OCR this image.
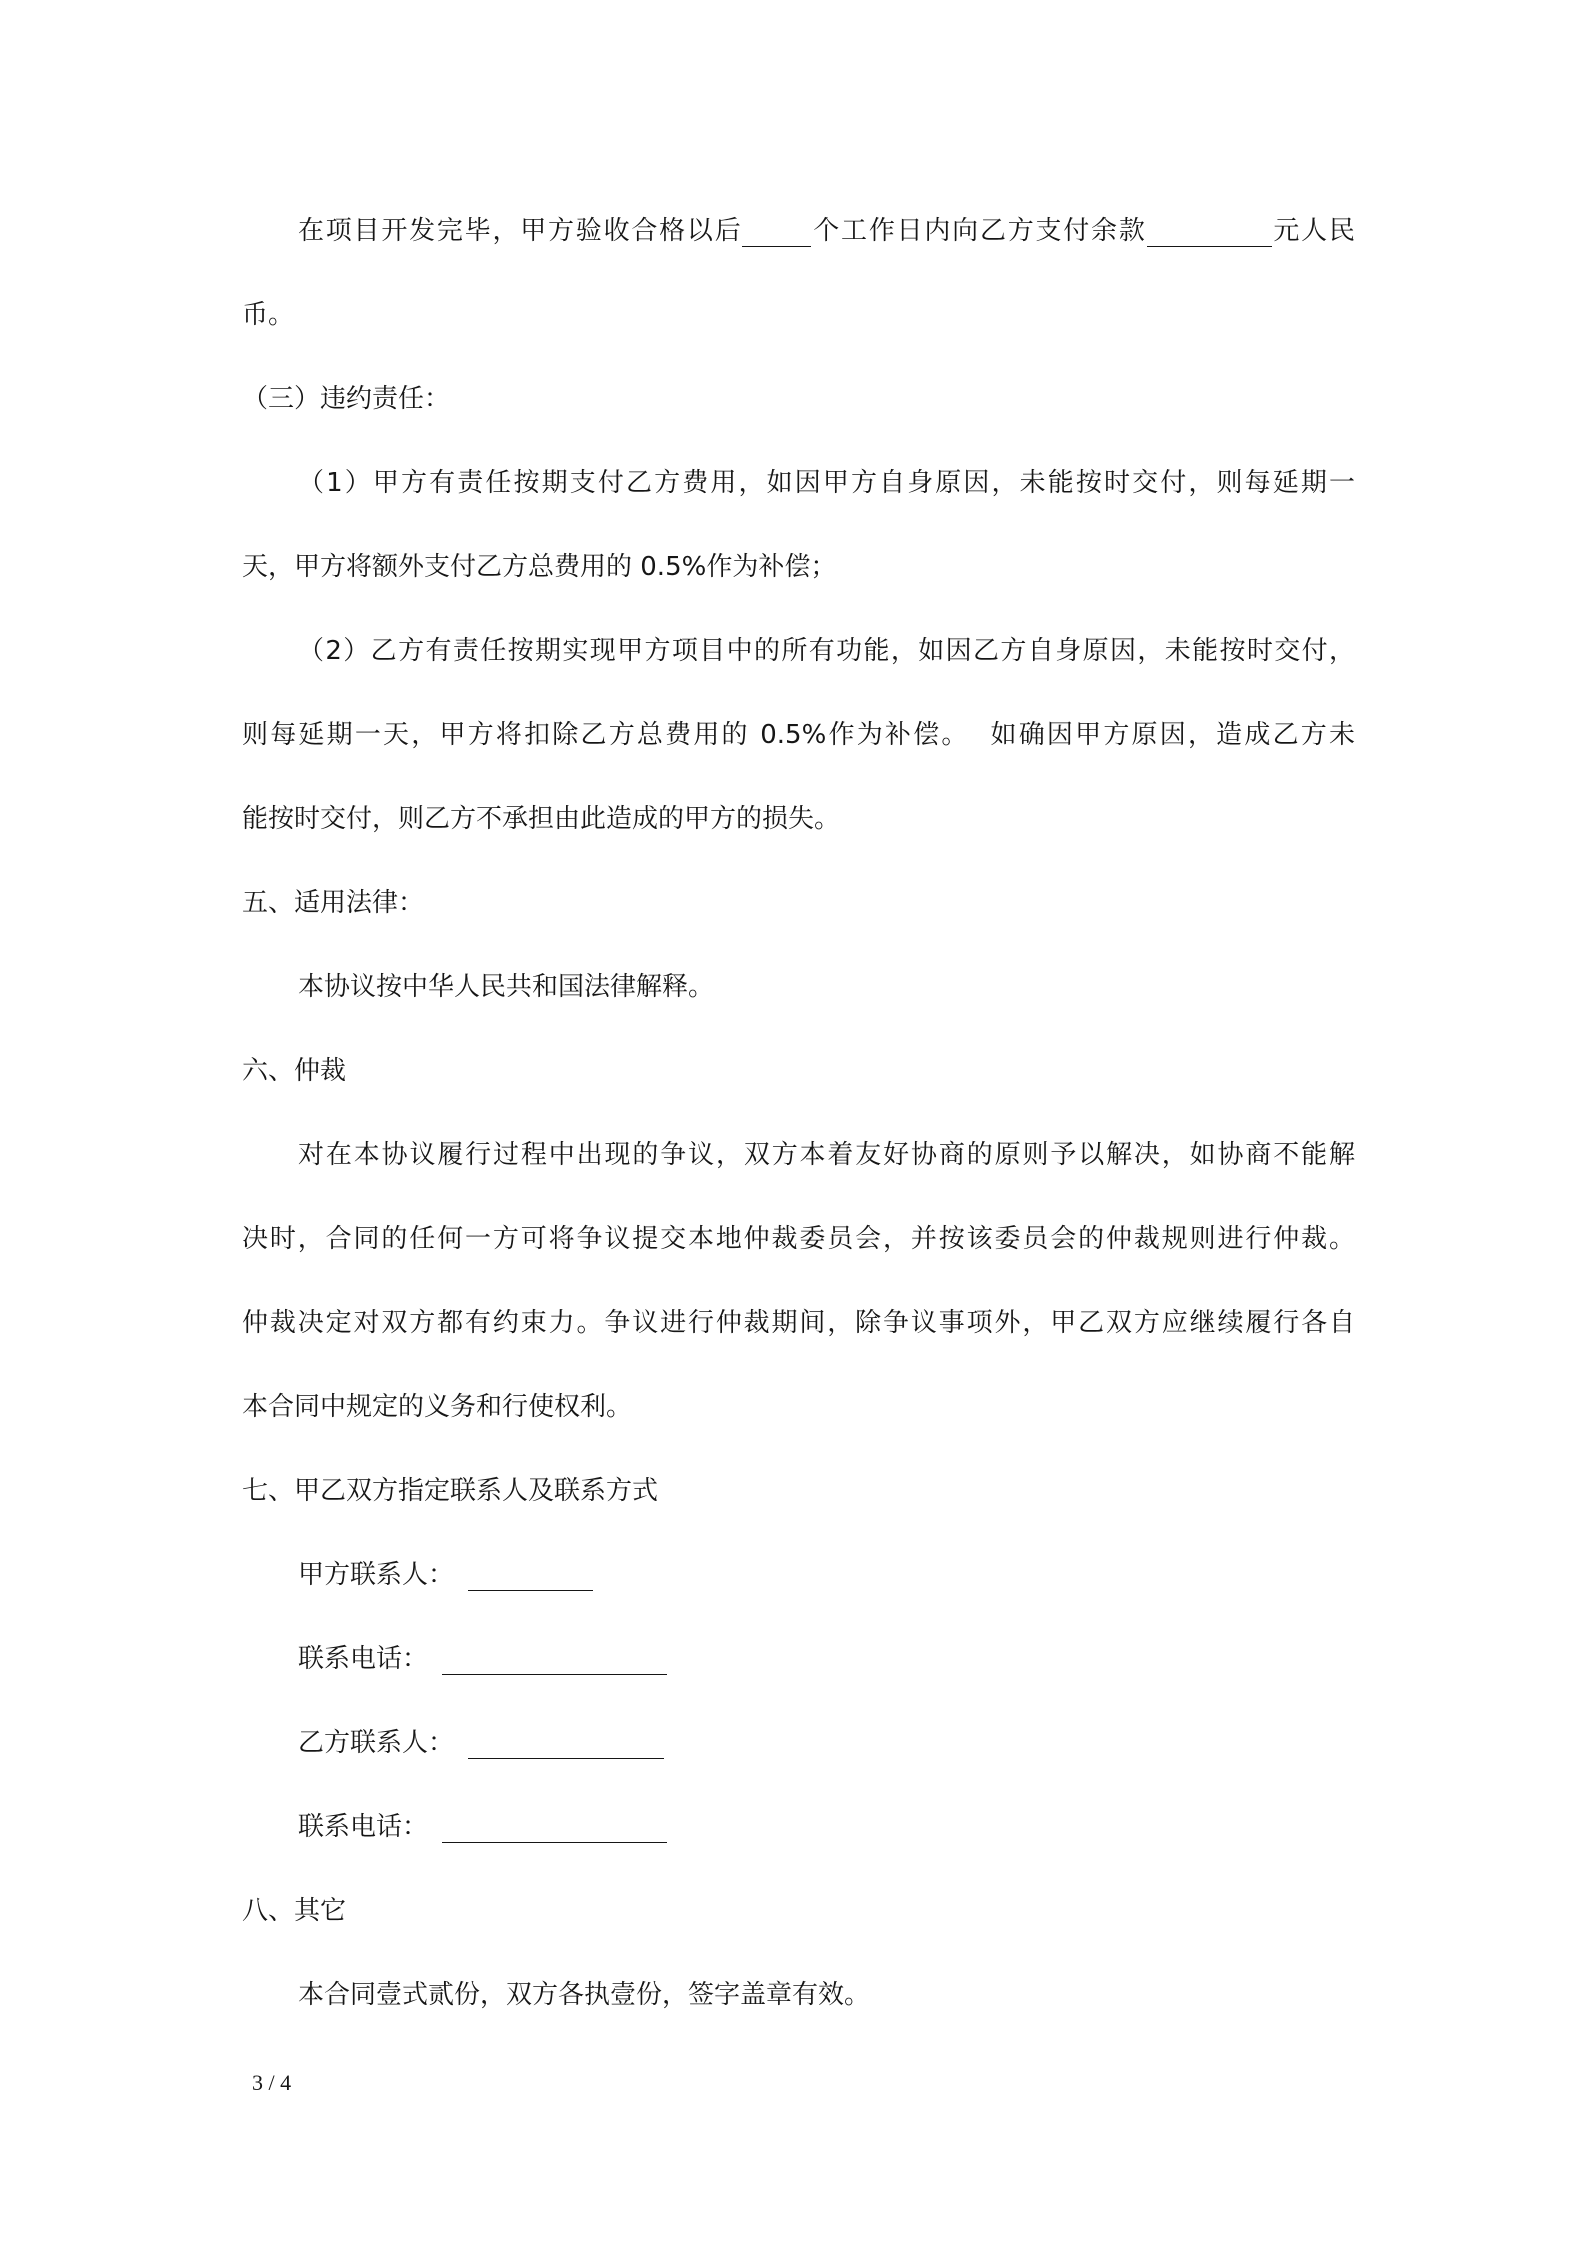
在项目开发完毕，甲方验收合格以后	个工作日内向乙方支付余款	元人民
币。
（三）违约责任：
（1）甲方有责任按期支付乙方费用，如因甲方自身原因，未能按时交付，则每延期一
天，甲方将额外支付乙方总费用的 0.5%作为补偿；
（2）乙方有责任按期实现甲方项目中的所有功能，如因乙方自身原因，未能按时交付，
则每延期一天，甲方将扣除乙方总费用的 0.5%作为补偿。  如确因甲方原因，造成乙方未
能按时交付，则乙方不承担由此造成的甲方的损失。
五、适用法律：
本协议按中华人民共和国法律解释。
六、仲裁
对在本协议履行过程中出现的争议，双方本着友好协商的原则予以解决，如协商不能解
决时，合同的任何一方可将争议提交本地仲裁委员会，并按该委员会的仲裁规则进行仲裁。
仲裁决定对双方都有约束力。争议进行仲裁期间，除争议事项外，甲乙双方应继续履行各自
本合同中规定的义务和行使权利。
七、甲乙双方指定联系人及联系方式
甲方联系人：
联系电话：
乙方联系人：
联系电话：
八、其它
本合同壹式贰份，双方各执壹份，签字盖章有效。
3 / 4
